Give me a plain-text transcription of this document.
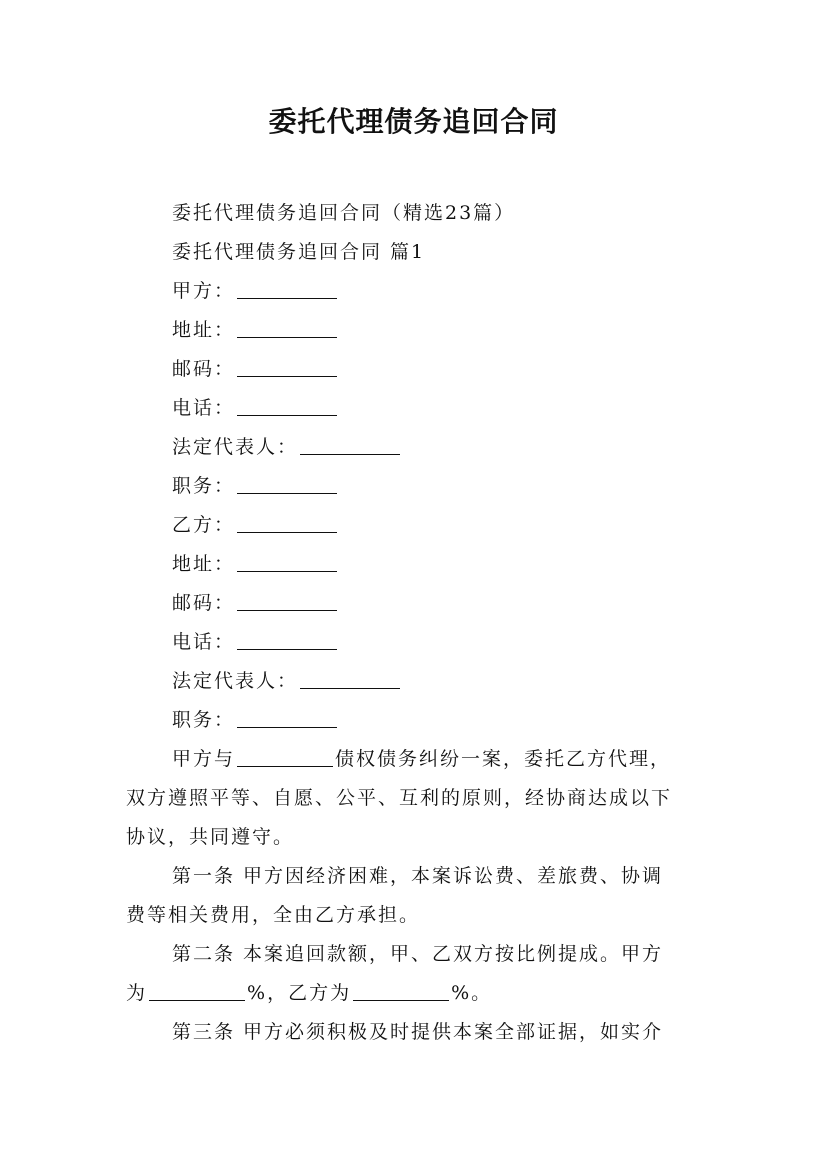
委托代理债务追回合同
委托代理债务追回合同（精选23篇）
委托代理债务追回合同 篇1
甲方：
地址：
邮码：
电话：
法定代表人：
职务：
乙方：
地址：
邮码：
电话：
法定代表人：
职务：
甲方与	债权债务纠纷一案，委托乙方代理，
双方遵照平等、自愿、公平、互利的原则，经协商达成以下
协议，共同遵守。
第一条 甲方因经济困难，本案诉讼费、差旅费、协调
费等相关费用，全由乙方承担。
第二条 本案追回款额，甲、乙双方按比例提成。甲方
为	%，乙方为	%。
第三条 甲方必须积极及时提供本案全部证据，如实介
